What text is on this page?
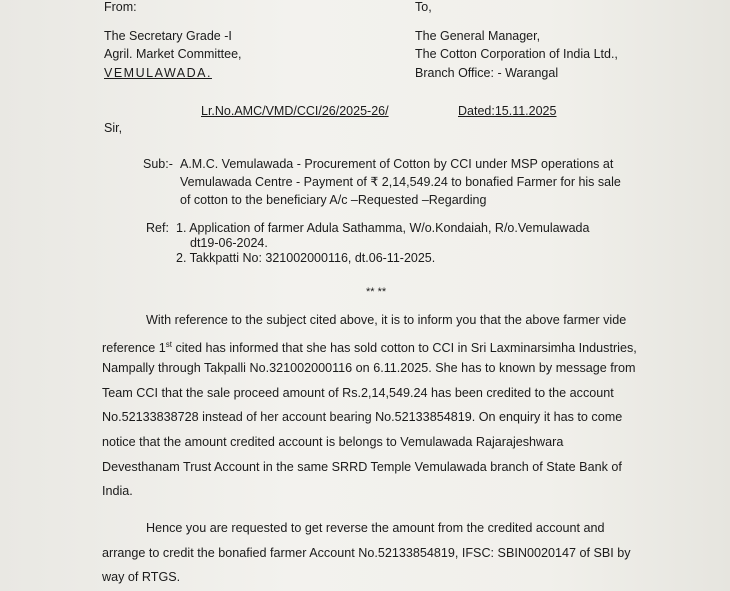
From:
The Secretary Grade -I
Agril. Market Committee,
VEMULAWADA.
To,
The General Manager,
The Cotton Corporation of India Ltd.,
Branch Office: - Warangal
Lr.No.AMC/VMD/CCI/26/2025-26/	Dated:15.11.2025
Sir,
Sub:- A.M.C. Vemulawada - Procurement of Cotton by CCI under MSP operations at
Vemulawada Centre - Payment of ₹ 2,14,549.24 to bonafied Farmer for his sale
of cotton to the beneficiary A/c –Requested –Regarding
Ref: 1. Application of farmer Adula Sathamma, W/o.Kondaiah, R/o.Vemulawada
dt19-06-2024.
2. Takkpatti No: 321002000116, dt.06-11-2025.
** **
With reference to the subject cited above, it is to inform you that the above farmer vide
reference 1st cited has informed that she has sold cotton to CCI in Sri Laxminarsimha Industries,
Nampally through Takpalli No.321002000116 on 6.11.2025. She has to known by message from
Team CCI that the sale proceed amount of Rs.2,14,549.24 has been credited to the account
No.52133838728 instead of her account bearing No.52133854819. On enquiry it has to come
notice that the amount credited account is belongs to Vemulawada Rajarajeshwara
Devesthanam Trust Account in the same SRRD Temple Vemulawada branch of State Bank of
India.
Hence you are requested to get reverse the amount from the credited account and
arrange to credit the bonafied farmer Account No.52133854819, IFSC: SBIN0020147 of SBI by
way of RTGS.
